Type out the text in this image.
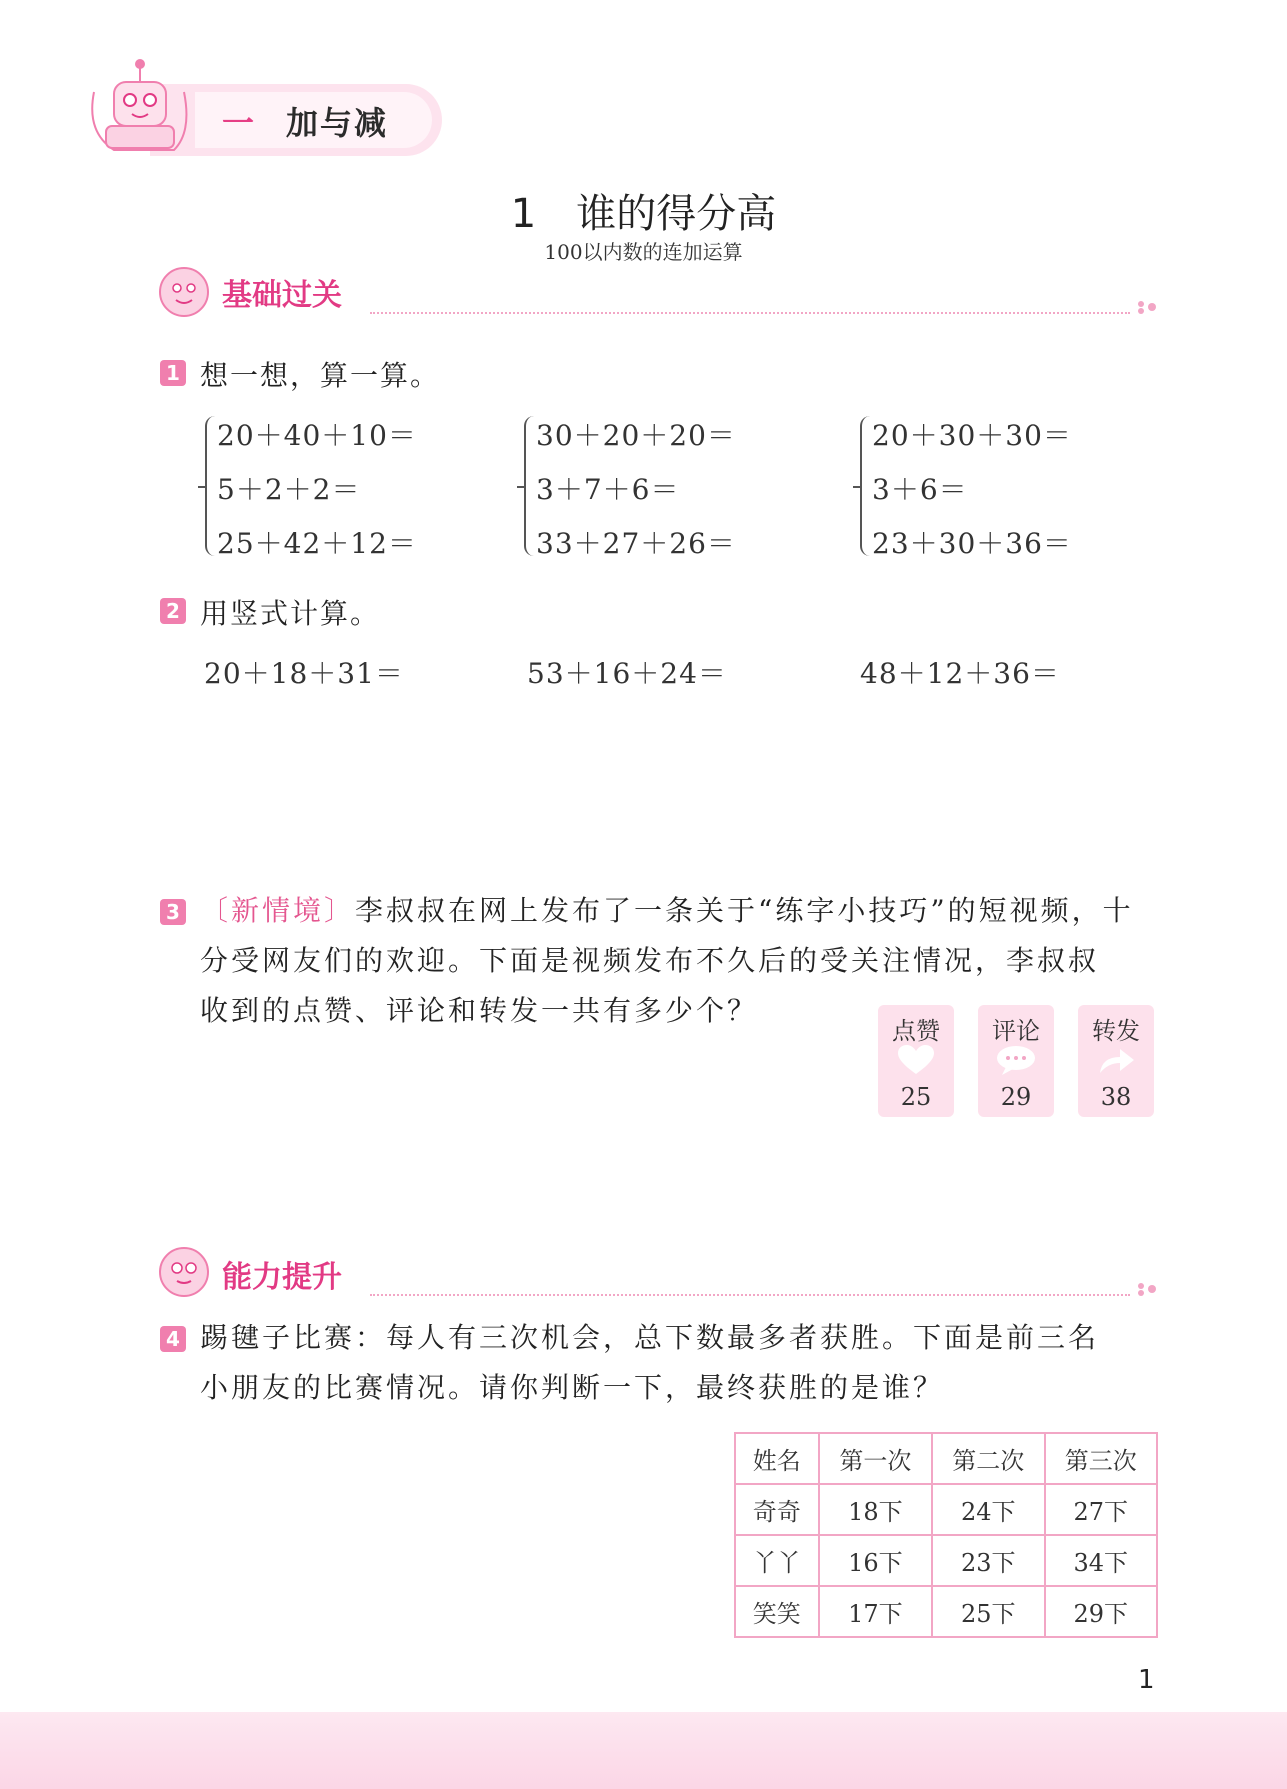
一 加与减
1　谁的得分高
100以内数的连加运算
基础过关
1 想一想，算一算。
20＋40＋10＝
5＋2＋2＝
25＋42＋12＝
30＋20＋20＝
3＋7＋6＝
33＋27＋26＝
20＋30＋30＝
3＋6＝
23＋30＋36＝
2 用竖式计算。
20＋18＋31＝	53＋16＋24＝	48＋12＋36＝
3 〔新情境〕李叔叔在网上发布了一条关于“练字小技巧”的短视频，十
分受网友们的欢迎。下面是视频发布不久后的受关注情况，李叔叔
收到的点赞、评论和转发一共有多少个？
点赞
25
评论
29
转发
38
能力提升
4 踢毽子比赛：每人有三次机会，总下数最多者获胜。下面是前三名
小朋友的比赛情况。请你判断一下，最终获胜的是谁？
姓名	第一次	第二次	第三次
奇奇	18下	24下	27下
丫丫	16下	23下	34下
笑笑	17下	25下	29下
1
